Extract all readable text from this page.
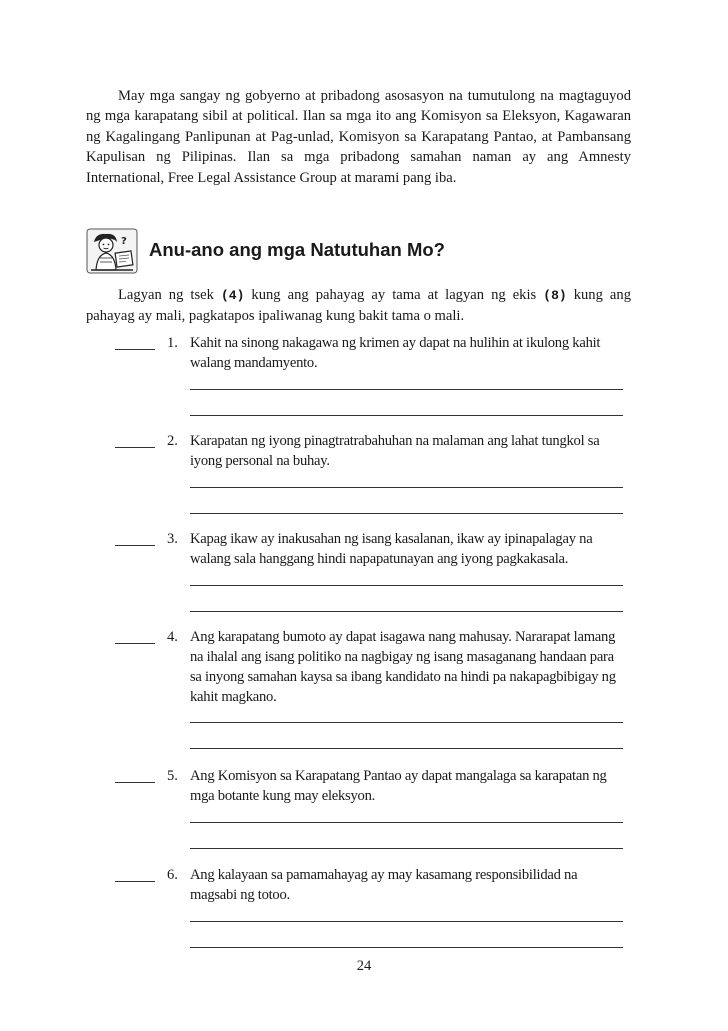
May mga sangay ng gobyerno at pribadong asosasyon na tumutulong na magtaguyod ng mga karapatang sibil at political. Ilan sa mga ito ang Komisyon sa Eleksyon, Kagawaran ng Kagalingang Panlipunan at Pag-unlad, Komisyon sa Karapatang Pantao, at Pambansang Kapulisan ng Pilipinas. Ilan sa mga pribadong samahan naman ay ang Amnesty International, Free Legal Assistance Group at marami pang iba.

? Anu-ano ang mga Natutuhan Mo?

Lagyan ng tsek (4) kung ang pahayag ay tama at lagyan ng ekis (8) kung ang pahayag ay mali, pagkatapos ipaliwanag kung bakit tama o mali.

1. Kahit na sinong nakagawa ng krimen ay dapat na hulihin at ikulong kahit walang mandamyento.
2. Karapatan ng iyong pinagtratrabahuhan na malaman ang lahat tungkol sa iyong personal na buhay.
3. Kapag ikaw ay inakusahan ng isang kasalanan, ikaw ay ipinapalagay na walang sala hanggang hindi napapatunayan ang iyong pagkakasala.
4. Ang karapatang bumoto ay dapat isagawa nang mahusay. Nararapat lamang na ihalal ang isang politiko na nagbigay ng isang masaganang handaan para sa inyong samahan kaysa sa ibang kandidato na hindi pa nakapagbibigay ng kahit magkano.
5. Ang Komisyon sa Karapatang Pantao ay dapat mangalaga sa karapatan ng mga botante kung may eleksyon.
6. Ang kalayaan sa pamamahayag ay may kasamang responsibilidad na magsabi ng totoo.
24
